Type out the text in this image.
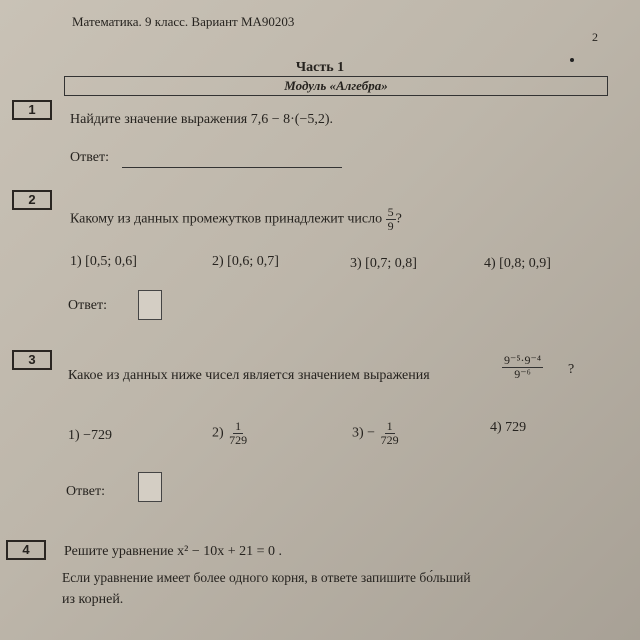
Математика. 9 класс. Вариант МА90203
2
Часть 1
Модуль «Алгебра»
1
Найдите значение выражения 7,6 − 8·(−5,2).
Ответ:
2
Какому из данных промежутков принадлежит число $\frac{5}{9}$ ?
1) [0,5; 0,6]	2) [0,6; 0,7]	3) [0,7; 0,8]	4) [0,8; 0,9]
Ответ:
3
Какое из данных ниже чисел является значением выражения	$\frac{\text{9⁻⁵·9⁻⁴}}{\text{9⁻⁶}}$ ?
1) −729	$2) \frac{1}{729}$	$3) - \frac{1}{729}$	4) 729
Ответ:
4	Решите уравнение x² − 10x + 21 = 0 .
Если уравнение имеет более одного корня, в ответе запишите бо́льший
из корней.
